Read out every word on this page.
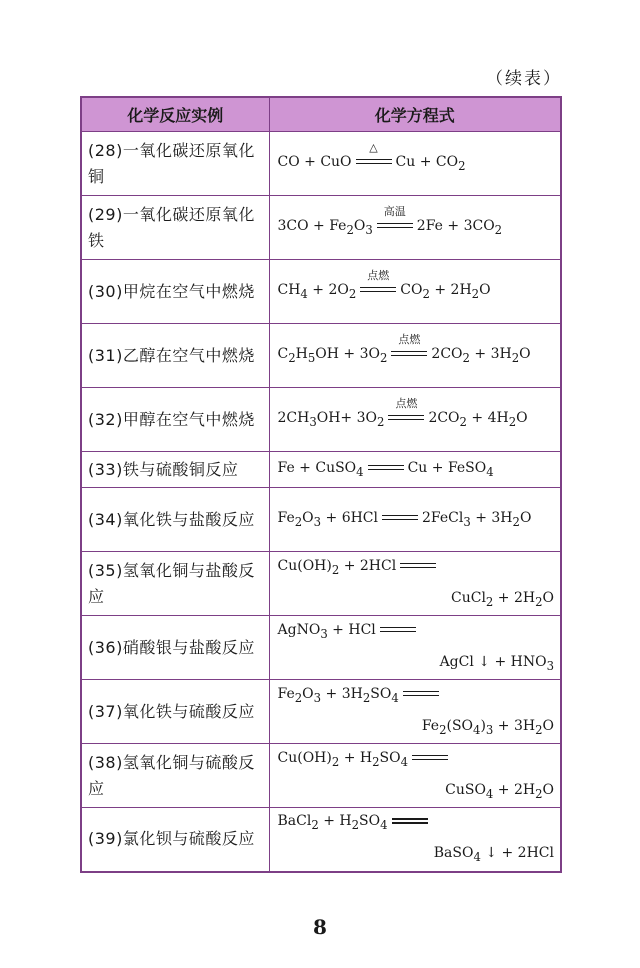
（续表）
化学反应实例	化学方程式
(28)一氧化碳还原氧化铜	CO + CuO
△
$Cu + CO_2$

(29)一氧化碳还原氧化铁	$3CO + Fe_2O_3$
高温
$2Fe + 3CO_2$

(30)甲烷在空气中燃烧	$CH_4 + 2O_2$
点燃
$CO_2 + 2H_2O$

(31)乙醇在空气中燃烧	$C_2H_5OH + 3O_2$
点燃
$2CO_2 + 3H_2O$

(32)甲醇在空气中燃烧	$2CH_3OH+ 3O_2$
点燃
$2CO_2 + 4H_2O$

(33)铁与硫酸铜反应	Fe + CuSO$_4$ Cu + FeSO$_4$

(34)氧化铁与盐酸反应	$Fe_2O_3 + 6HCl$ 2FeCl$_3$ + $3H_2O$

(35)氢氧化铜与盐酸反应	$Cu(OH)_2 + 2HCl$
CuCl$_2$ + $2H_2O$

(36)硝酸银与盐酸反应	AgNO$_3$ + HCl
AgCl ↓ + $HNO_3$

(37)氧化铁与硫酸反应	$Fe_2O_3 + 3H_2SO_4$
$Fe_2(SO_4)_3 + 3H_2O$

(38)氢氧化铜与硫酸反应	$Cu(OH)_2 + H_2SO_4$
CuSO$_4$ + $2H_2O$

(39)氯化钡与硫酸反应	BaCl$_2$ + $H_2SO_4$
BaSO$_4$ ↓ + 2HCl
8
